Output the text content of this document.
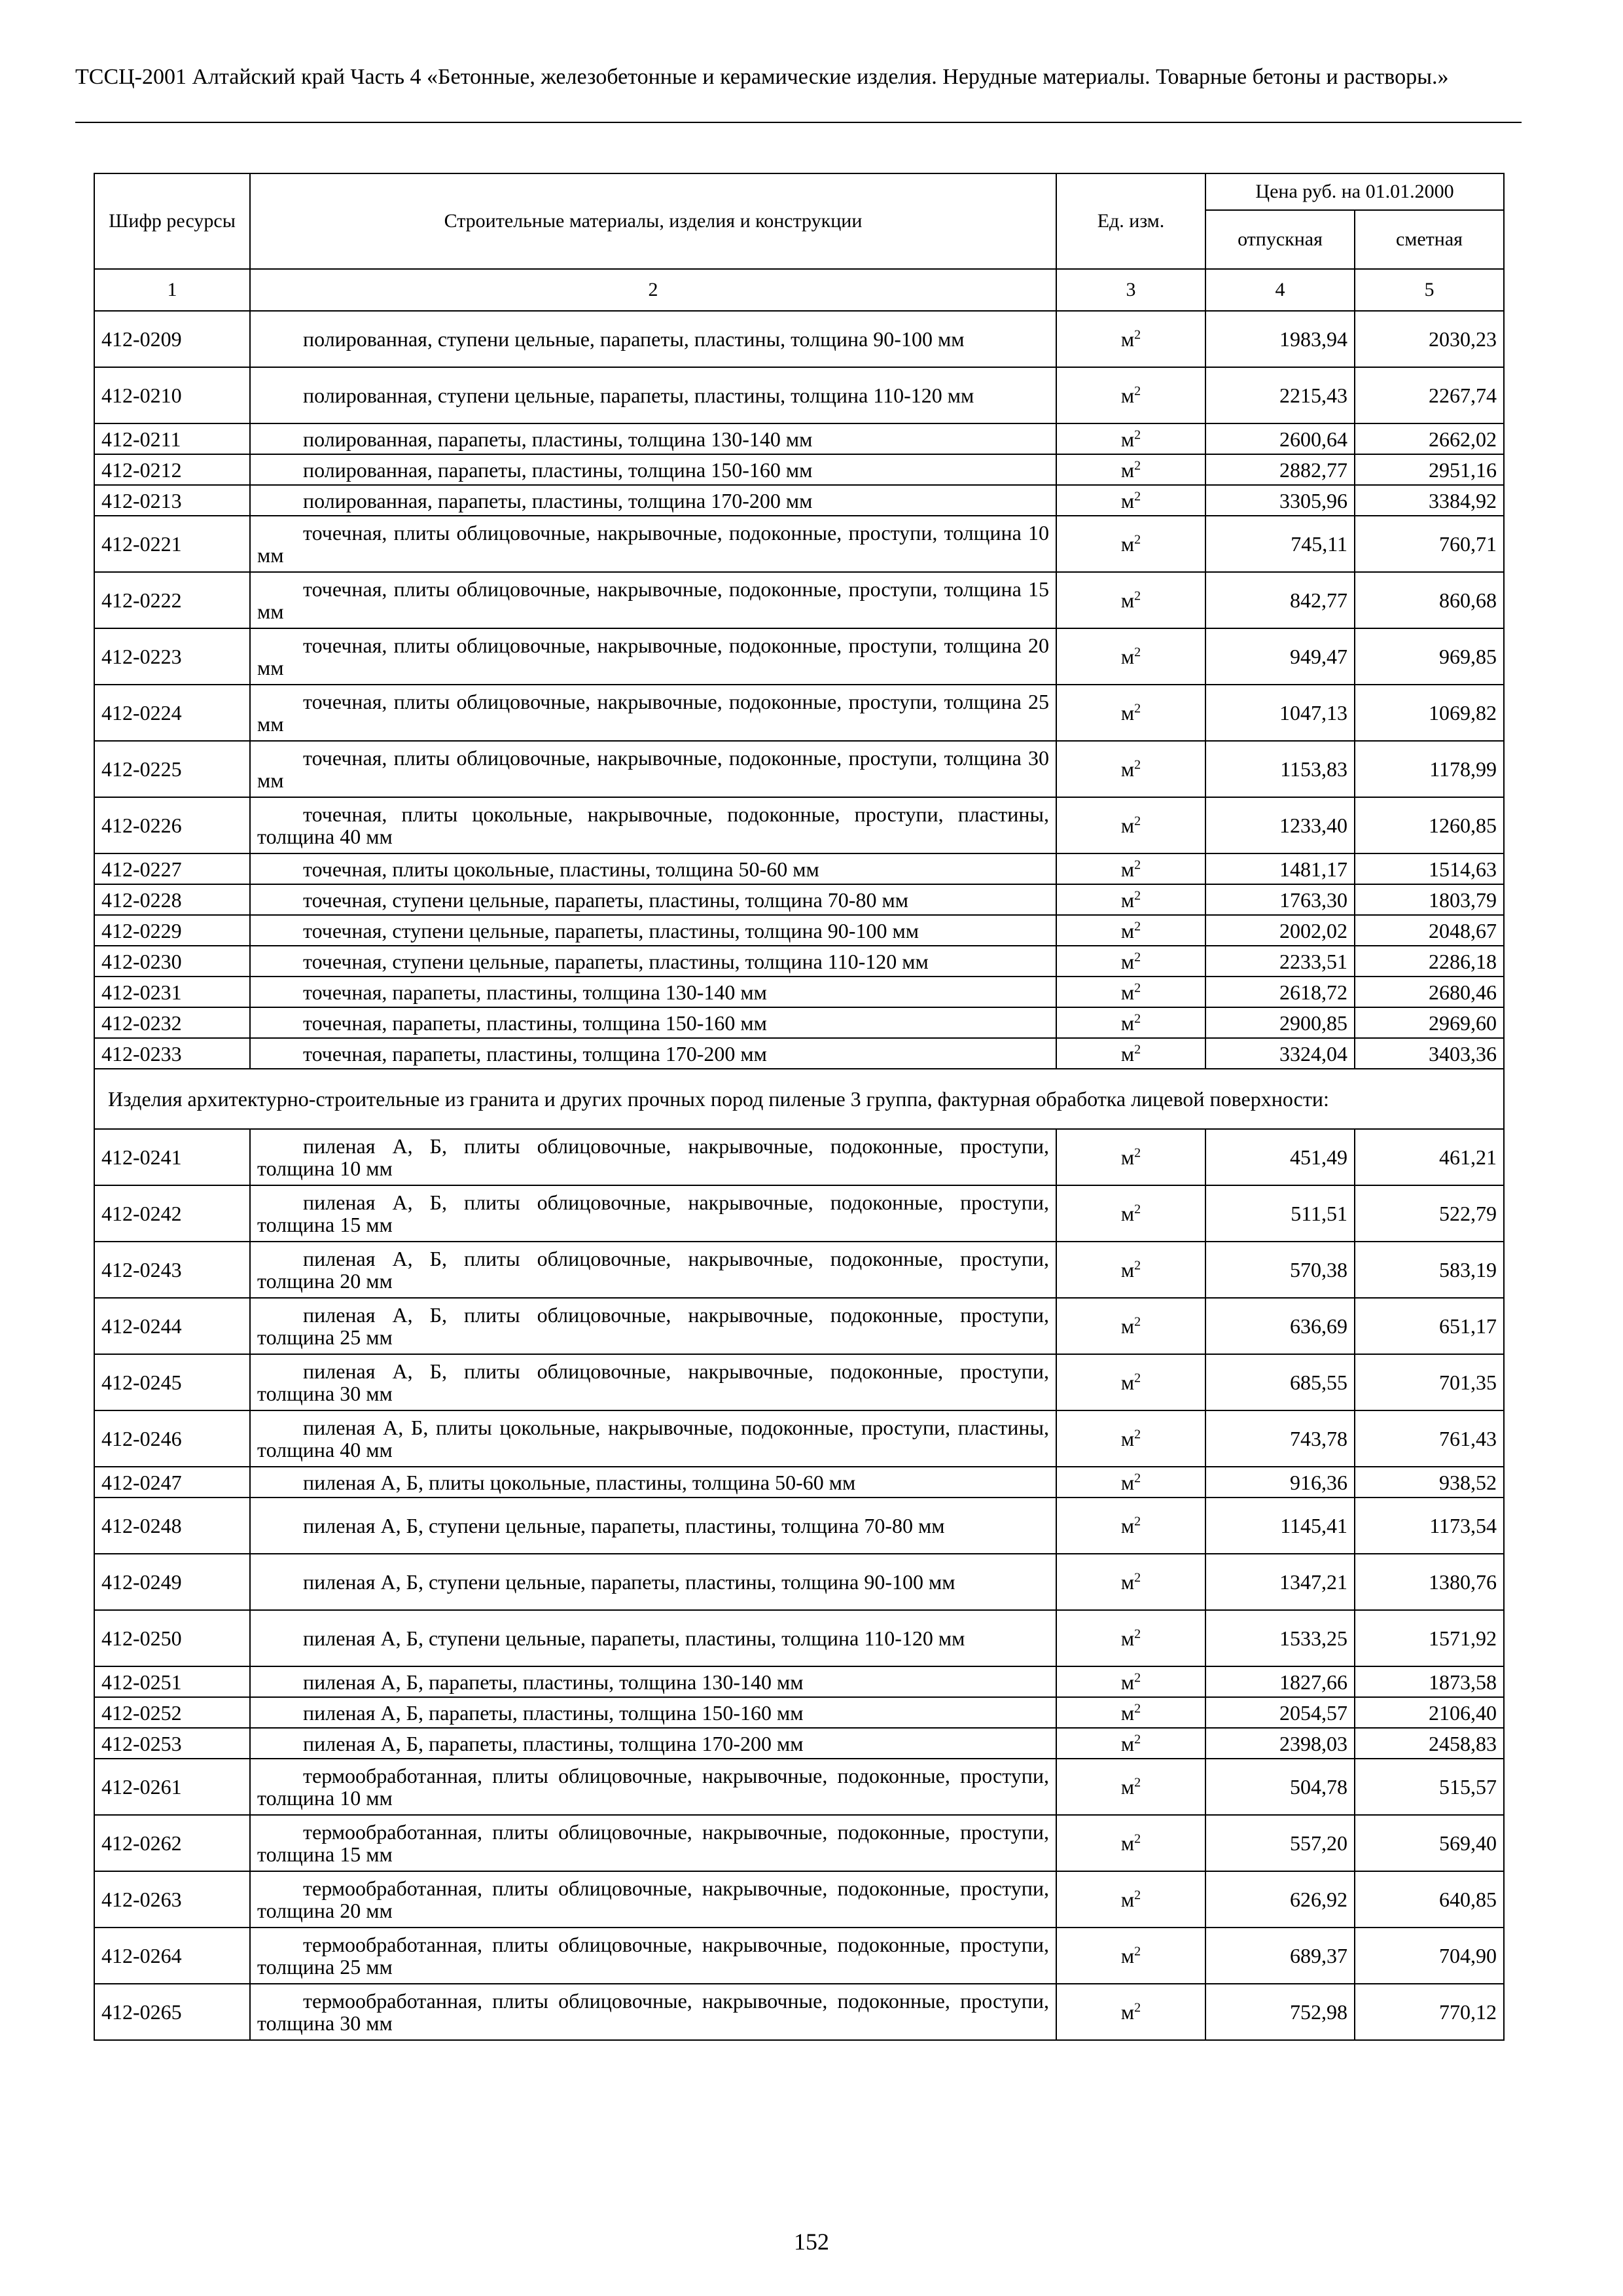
ТССЦ-2001 Алтайский край Часть 4 «Бетонные, железобетонные и керамические изделия. Нерудные материалы. Товарные бетоны и растворы.»
Шифр ресурсы	Строительные материалы, изделия и конструкции	Ед. изм.	Цена руб. на 01.01.2000	
			отпускная	сметная
1	2	3	4	5
412-0209	полированная, ступени цельные, парапеты, пластины, толщина 90-100 мм	$м^2$	1983,94	2030,23
412-0210	полированная, ступени цельные, парапеты, пластины, толщина 110-120 мм	$м^2$	2215,43	2267,74
412-0211	полированная, парапеты, пластины, толщина 130-140 мм	$м^2$	2600,64	2662,02
412-0212	полированная, парапеты, пластины, толщина 150-160 мм	$м^2$	2882,77	2951,16
412-0213	полированная, парапеты, пластины, толщина 170-200 мм	$м^2$	3305,96	3384,92
412-0221	точечная, плиты облицовочные, накрывочные, подоконные, проступи, толщина 10 мм	$м^2$	745,11	760,71
412-0222	точечная, плиты облицовочные, накрывочные, подоконные, проступи, толщина 15 мм	$м^2$	842,77	860,68
412-0223	точечная, плиты облицовочные, накрывочные, подоконные, проступи, толщина 20 мм	$м^2$	949,47	969,85
412-0224	точечная, плиты облицовочные, накрывочные, подоконные, проступи, толщина 25 мм	$м^2$	1047,13	1069,82
412-0225	точечная, плиты облицовочные, накрывочные, подоконные, проступи, толщина 30 мм	$м^2$	1153,83	1178,99
412-0226	точечная, плиты цокольные, накрывочные, подоконные, проступи, пластины, толщина 40 мм	$м^2$	1233,40	1260,85
412-0227	точечная, плиты цокольные, пластины, толщина 50-60 мм	$м^2$	1481,17	1514,63
412-0228	точечная, ступени цельные, парапеты, пластины, толщина 70-80 мм	$м^2$	1763,30	1803,79
412-0229	точечная, ступени цельные, парапеты, пластины, толщина 90-100 мм	$м^2$	2002,02	2048,67
412-0230	точечная, ступени цельные, парапеты, пластины, толщина 110-120 мм	$м^2$	2233,51	2286,18
412-0231	точечная, парапеты, пластины, толщина 130-140 мм	$м^2$	2618,72	2680,46
412-0232	точечная, парапеты, пластины, толщина 150-160 мм	$м^2$	2900,85	2969,60
412-0233	точечная, парапеты, пластины, толщина 170-200 мм	$м^2$	3324,04	3403,36
Изделия архитектурно-строительные из гранита и других прочных пород пиленые 3 группа, фактурная обработка лицевой поверхности:				
412-0241	пиленая А, Б, плиты облицовочные, накрывочные, подоконные, проступи, толщина 10 мм	$м^2$	451,49	461,21
412-0242	пиленая А, Б, плиты облицовочные, накрывочные, подоконные, проступи, толщина 15 мм	$м^2$	511,51	522,79
412-0243	пиленая А, Б, плиты облицовочные, накрывочные, подоконные, проступи, толщина 20 мм	$м^2$	570,38	583,19
412-0244	пиленая А, Б, плиты облицовочные, накрывочные, подоконные, проступи, толщина 25 мм	$м^2$	636,69	651,17
412-0245	пиленая А, Б, плиты облицовочные, накрывочные, подоконные, проступи, толщина 30 мм	$м^2$	685,55	701,35
412-0246	пиленая А, Б, плиты цокольные, накрывочные, подоконные, проступи, пластины, толщина 40 мм	$м^2$	743,78	761,43
412-0247	пиленая А, Б, плиты цокольные, пластины, толщина 50-60 мм	$м^2$	916,36	938,52
412-0248	пиленая А, Б, ступени цельные, парапеты, пластины, толщина 70-80 мм	$м^2$	1145,41	1173,54
412-0249	пиленая А, Б, ступени цельные, парапеты, пластины, толщина 90-100 мм	$м^2$	1347,21	1380,76
412-0250	пиленая А, Б, ступени цельные, парапеты, пластины, толщина 110-120 мм	$м^2$	1533,25	1571,92
412-0251	пиленая А, Б, парапеты, пластины, толщина 130-140 мм	$м^2$	1827,66	1873,58
412-0252	пиленая А, Б, парапеты, пластины, толщина 150-160 мм	$м^2$	2054,57	2106,40
412-0253	пиленая А, Б, парапеты, пластины, толщина 170-200 мм	$м^2$	2398,03	2458,83
412-0261	термообработанная, плиты облицовочные, накрывочные, подоконные, проступи, толщина 10 мм	$м^2$	504,78	515,57
412-0262	термообработанная, плиты облицовочные, накрывочные, подоконные, проступи, толщина 15 мм	$м^2$	557,20	569,40
412-0263	термообработанная, плиты облицовочные, накрывочные, подоконные, проступи, толщина 20 мм	$м^2$	626,92	640,85
412-0264	термообработанная, плиты облицовочные, накрывочные, подоконные, проступи, толщина 25 мм	$м^2$	689,37	704,90
412-0265	термообработанная, плиты облицовочные, накрывочные, подоконные, проступи, толщина 30 мм	$м^2$	752,98	770,12
152
